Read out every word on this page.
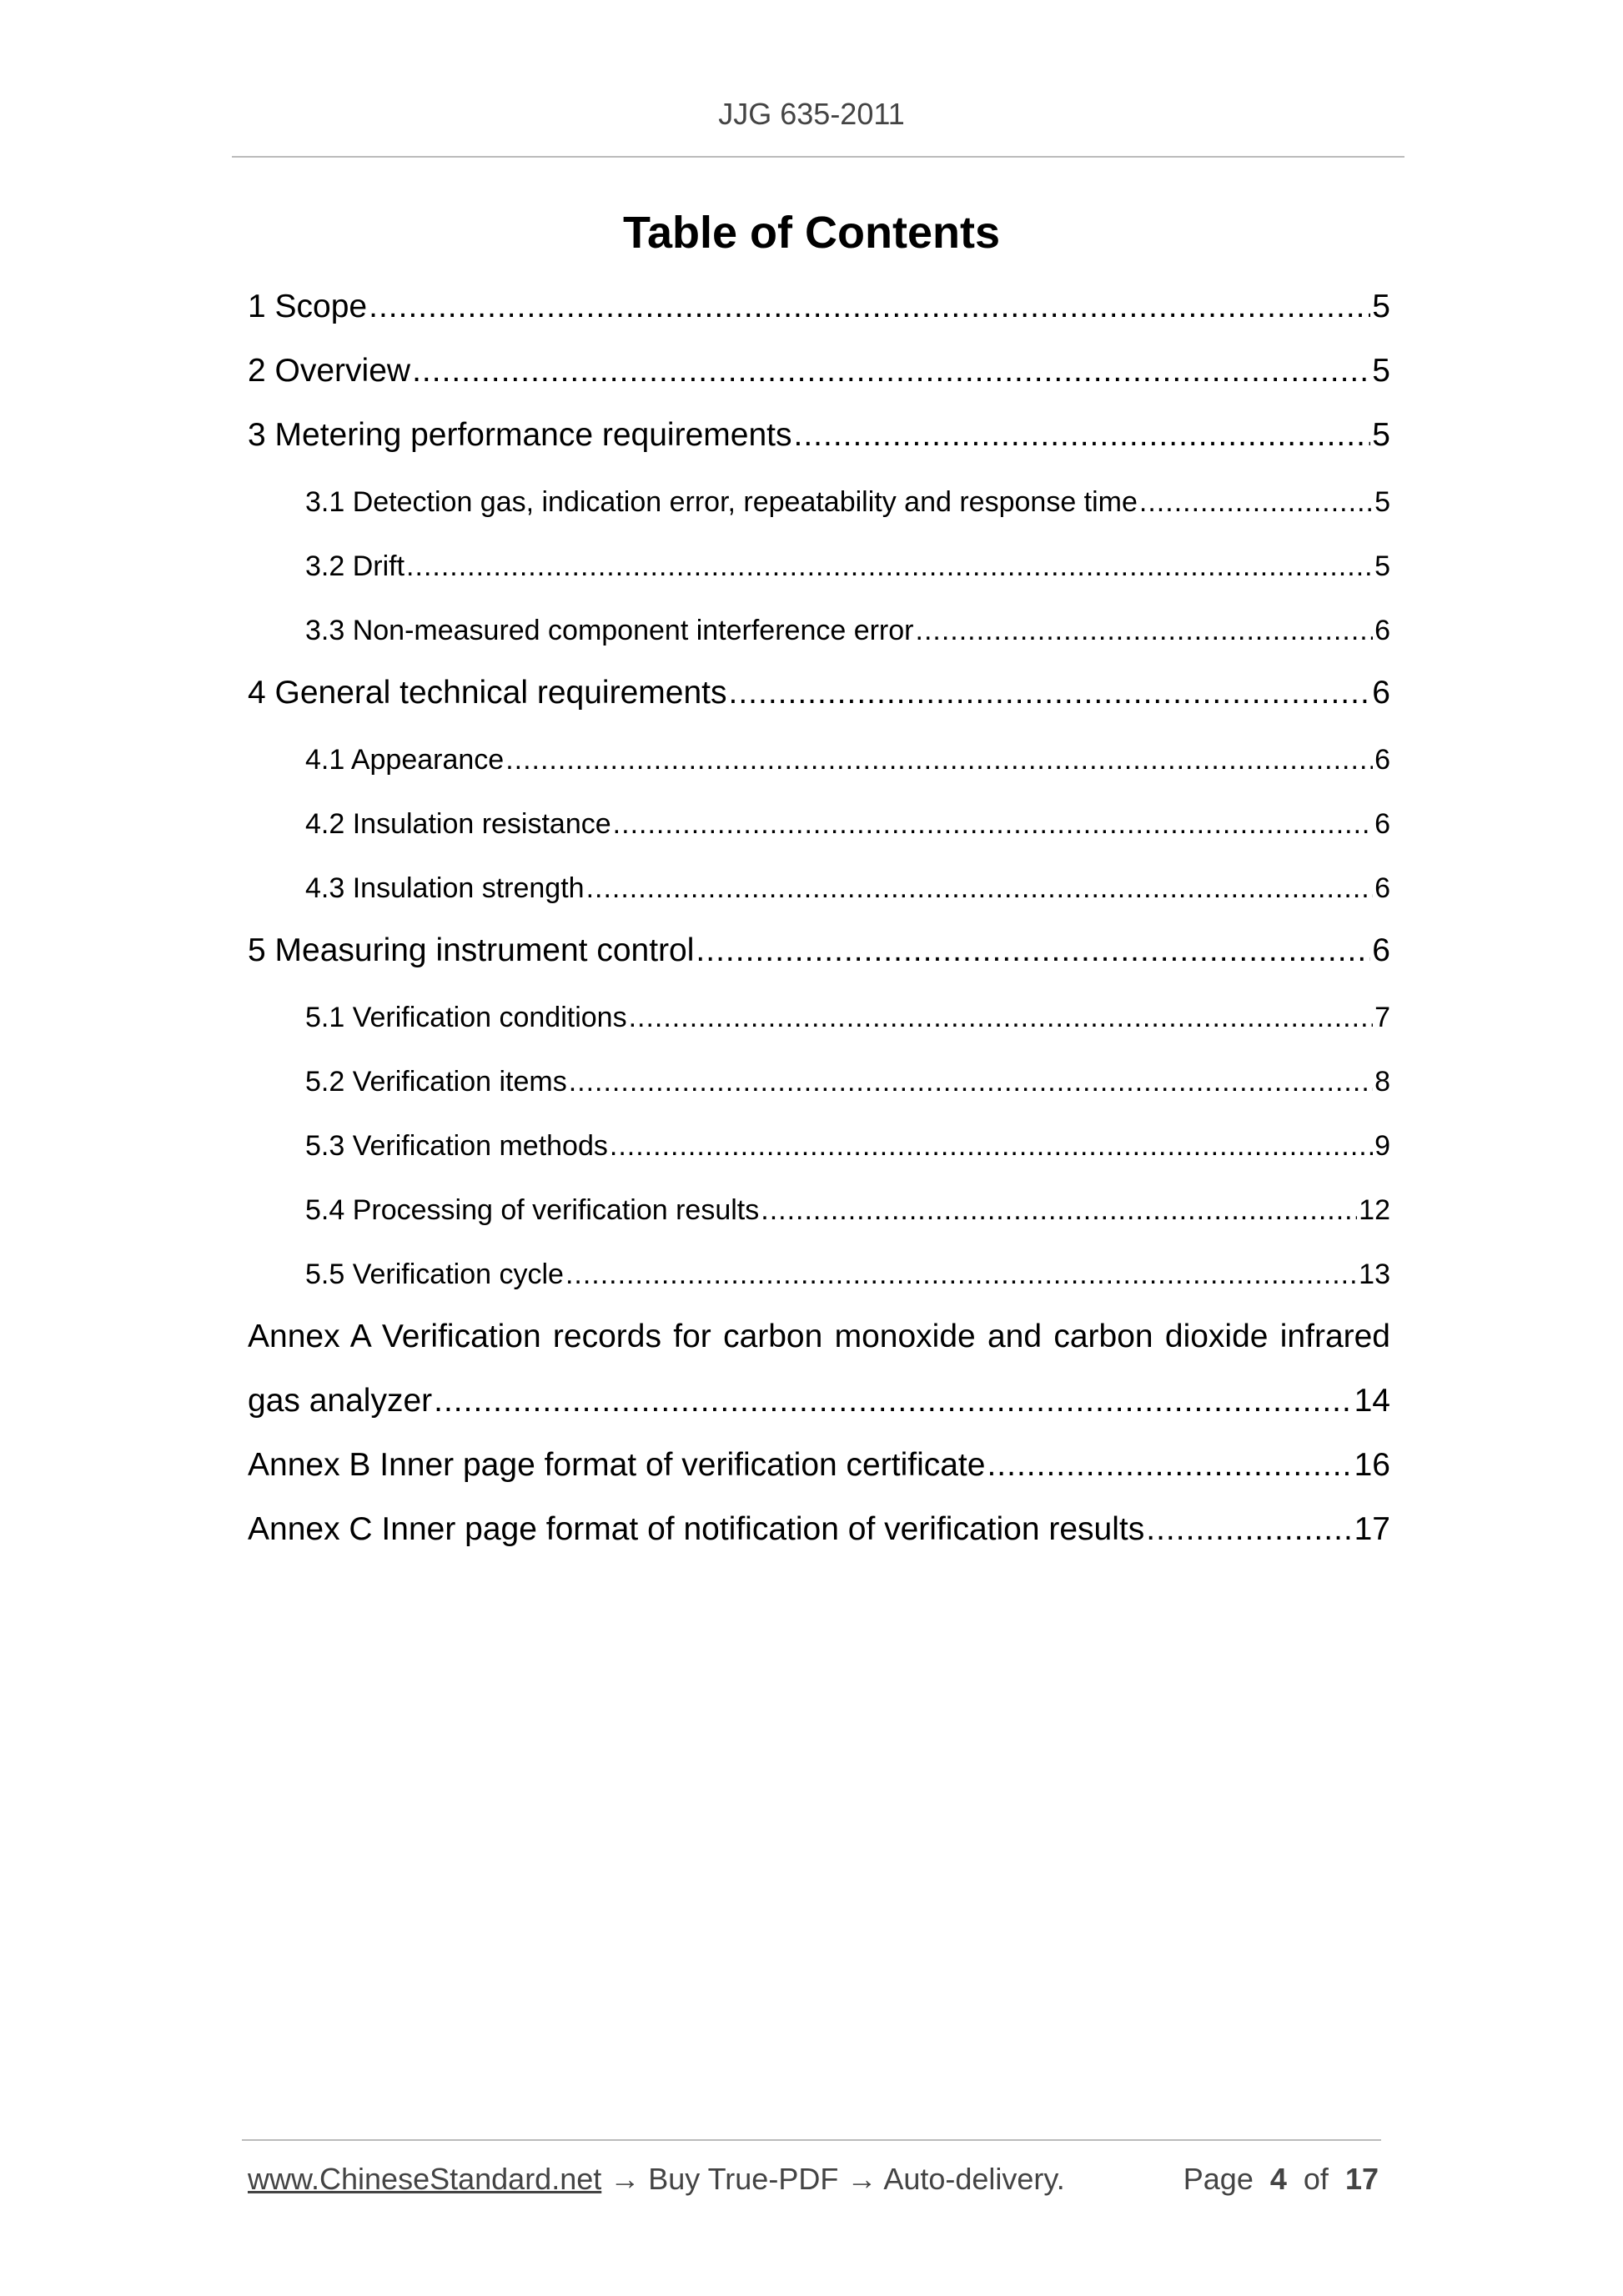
JJG 635-2011
Table of Contents
1 Scope .....	5
2 Overview .....	5
3 Metering performance requirements .....	5
3.1 Detection gas, indication error, repeatability and response time .....	5
3.2 Drift .....	5
3.3 Non-measured component interference error .....	6
4 General technical requirements .....	6
4.1 Appearance .....	6
4.2 Insulation resistance .....	6
4.3 Insulation strength .....	6
5 Measuring instrument control .....	6
5.1 Verification conditions .....	7
5.2 Verification items .....	8
5.3 Verification methods .....	9
5.4 Processing of verification results .....	12
5.5 Verification cycle .....	13
Annex A Verification records for carbon monoxide and carbon dioxide infrared
gas analyzer .....	14
Annex B Inner page format of verification certificate .....	16
Annex C Inner page format of notification of verification results .....	17
www.ChineseStandard.net → Buy True-PDF → Auto-delivery.	Page 4 of 17
